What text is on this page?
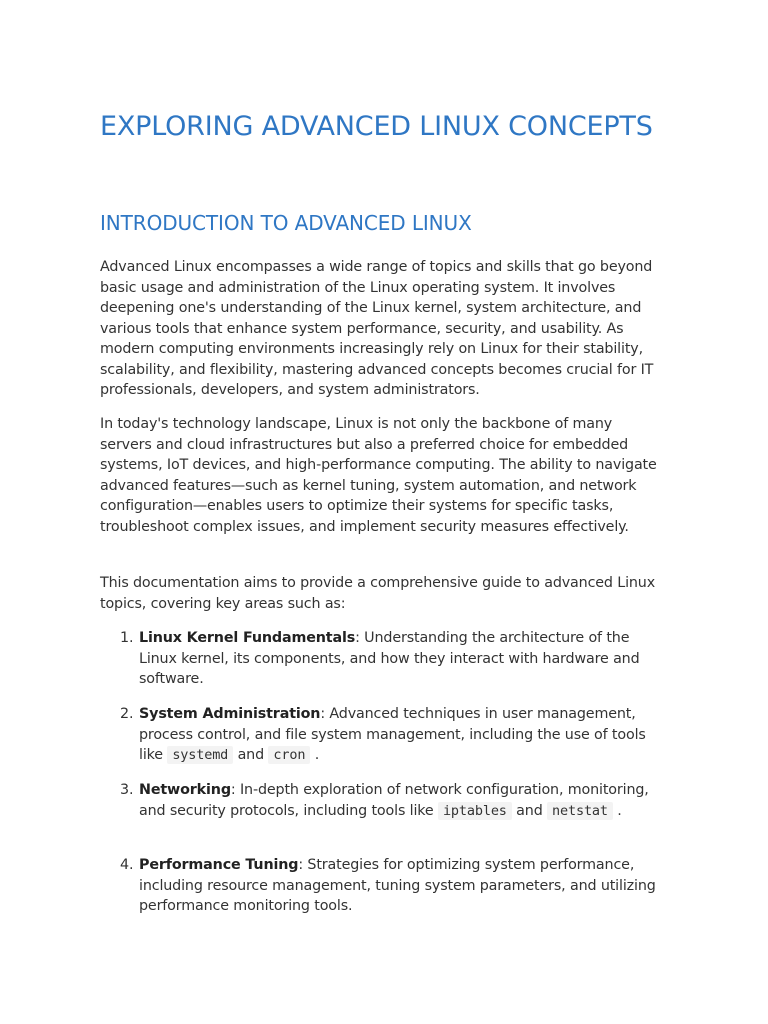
EXPLORING ADVANCED LINUX CONCEPTS
INTRODUCTION TO ADVANCED LINUX

Advanced Linux encompasses a wide range of topics and skills that go beyond basic usage and administration of the Linux operating system. It involves deepening one's understanding of the Linux kernel, system architecture, and various tools that enhance system performance, security, and usability. As modern computing environments increasingly rely on Linux for their stability, scalability, and flexibility, mastering advanced concepts becomes crucial for IT professionals, developers, and system administrators.

In today's technology landscape, Linux is not only the backbone of many servers and cloud infrastructures but also a preferred choice for embedded systems, IoT devices, and high-performance computing. The ability to navigate advanced features—such as kernel tuning, system automation, and network configuration—enables users to optimize their systems for specific tasks, troubleshoot complex issues, and implement security measures effectively.

This documentation aims to provide a comprehensive guide to advanced Linux topics, covering key areas such as:

1. Linux Kernel Fundamentals: Understanding the architecture of the Linux kernel, its components, and how they interact with hardware and software.
2. System Administration: Advanced techniques in user management, process control, and file system management, including the use of tools like systemd and cron .
3. Networking: In-depth exploration of network configuration, monitoring, and security protocols, including tools like iptables and netstat .
4. Performance Tuning: Strategies for optimizing system performance, including resource management, tuning system parameters, and utilizing performance monitoring tools.
